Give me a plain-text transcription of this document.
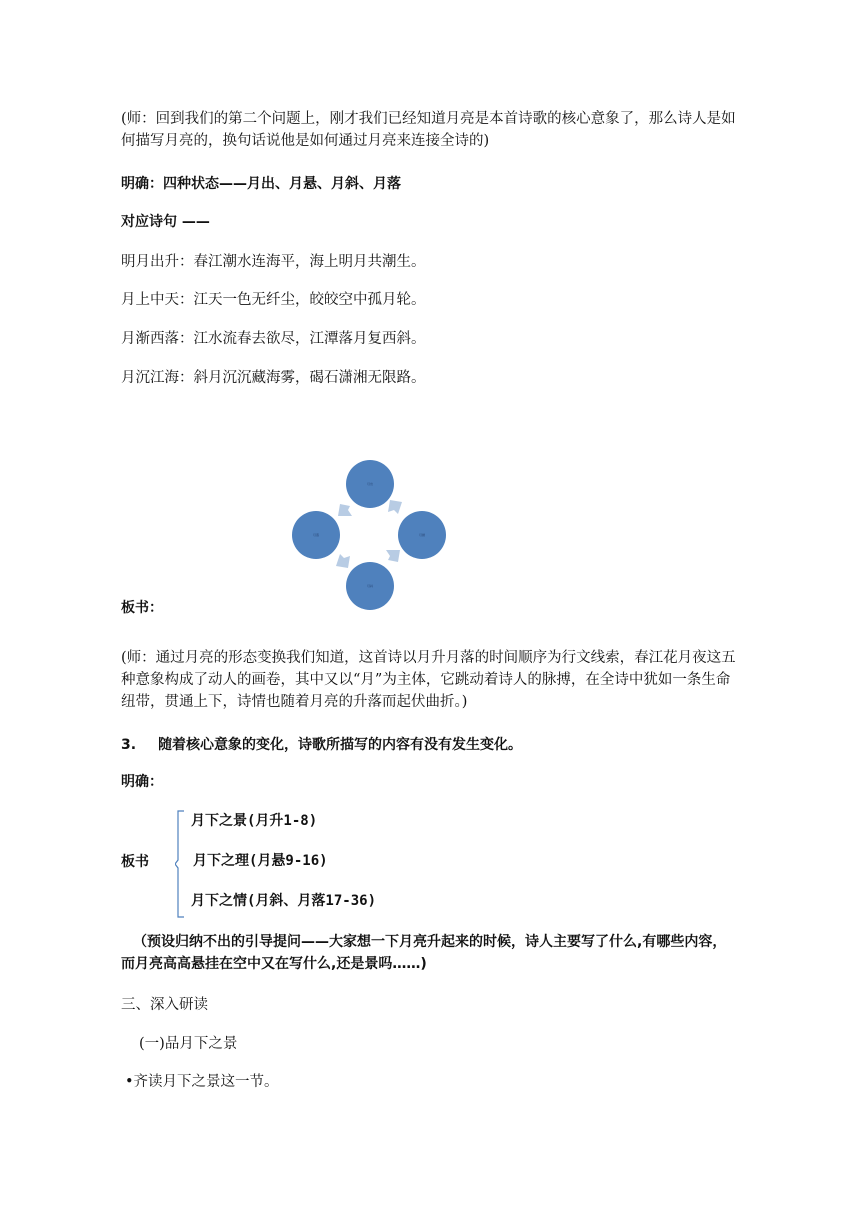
(师：回到我们的第二个问题上，刚才我们已经知道月亮是本首诗歌的核心意象了，那么诗人是如
何描写月亮的，换句话说他是如何通过月亮来连接全诗的)
明确：四种状态——月出、月悬、月斜、月落
对应诗句 ——
明月出升：春江潮水连海平，海上明月共潮生。
月上中天：江天一色无纤尘，皎皎空中孤月轮。
月渐西落：江水流春去欲尽，江潭落月复西斜。
月沉江海：斜月沉沉藏海雾，碣石潇湘无限路。
月出
月悬
月斜
月落
板书：
(师：通过月亮的形态变换我们知道，这首诗以月升月落的时间顺序为行文线索，春江花月夜这五
种意象构成了动人的画卷，其中又以“月”为主体，它跳动着诗人的脉搏，在全诗中犹如一条生命
纽带，贯通上下，诗情也随着月亮的升落而起伏曲折。)
3. 随着核心意象的变化，诗歌所描写的内容有没有发生变化。
明确：
板书
月下之景(月升1-8)
月下之理(月悬9-16)
月下之情(月斜、月落17-36)
（预设归纳不出的引导提问——大家想一下月亮升起来的时候，诗人主要写了什么,有哪些内容，
而月亮高高悬挂在空中又在写什么,还是景吗……)
三、深入研读
(一)品月下之景
•齐读月下之景这一节。
